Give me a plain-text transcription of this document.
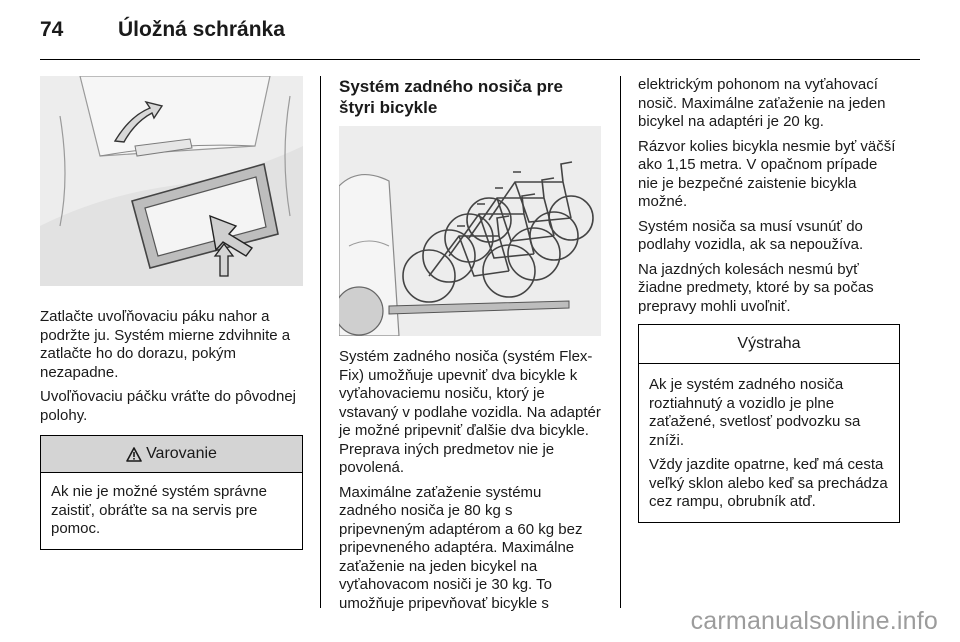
74	Úložná schránka

Zatlačte uvoľňovaciu páku nahor a podržte ju. Systém mierne zdvihnite a zatlačte ho do dorazu, pokým nezapadne.

Uvoľňovaciu páčku vráťte do pôvodnej polohy.

Varovanie

Ak nie je možné systém správne zaistiť, obráťte sa na servis pre pomoc.

Systém zadného nosiča pre štyri bicykle

Systém zadného nosiča (systém Flex-Fix) umožňuje upevniť dva bicykle k vyťahovaciemu nosiču, ktorý je vstavaný v podlahe vozidla. Na adaptér je možné pripevniť ďalšie dva bicykle. Preprava iných predmetov nie je povolená.

Maximálne zaťaženie systému zadného nosiča je 80 kg s pripevneným adaptérom a 60 kg bez pripevneného adaptéra. Maximálne zaťaženie na jeden bicykel na vyťahovacom nosiči je 30 kg. To umožňuje pripevňovať bicykle s

elektrickým pohonom na vyťahovací nosič. Maximálne zaťaženie na jeden bicykel na adaptéri je 20 kg.

Rázvor kolies bicykla nesmie byť väčší ako 1,15 metra. V opačnom prípade nie je bezpečné zaistenie bicykla možné.

Systém nosiča sa musí vsunúť do podlahy vozidla, ak sa nepoužíva.

Na jazdných kolesách nesmú byť žiadne predmety, ktoré by sa počas prepravy mohli uvoľniť.

Výstraha

Ak je systém zadného nosiča roztiahnutý a vozidlo je plne zaťažené, svetlosť podvozku sa zníži.

Vždy jazdite opatrne, keď má cesta veľký sklon alebo keď sa prechádza cez rampu, obrubník atď.

carmanualsonline.info
